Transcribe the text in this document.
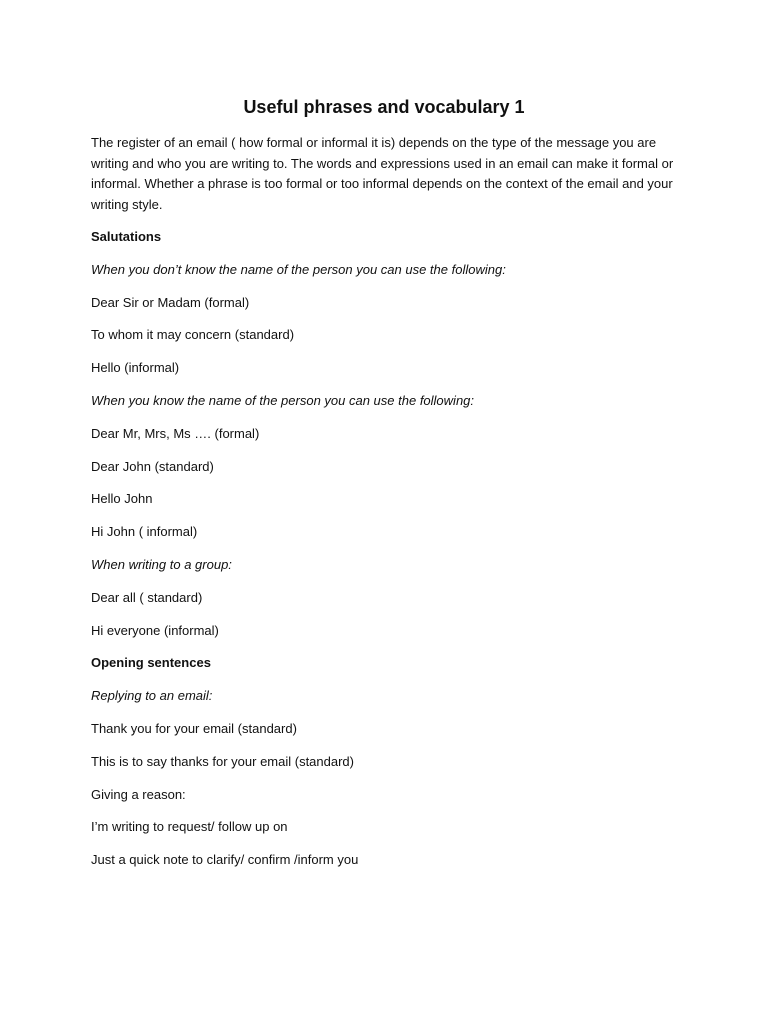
Useful phrases and vocabulary 1

The register of an email ( how formal or informal it is) depends on the type of the message you are writing and who you are writing to. The words and expressions used in an email can make it formal or informal. Whether a phrase is too formal or too informal depends on the context of the email and your writing style.

Salutations

When you don’t know the name of the person you can use the following:

Dear Sir or Madam (formal)

To whom it may concern (standard)

Hello (informal)

When you know the name of the person you can use the following:

Dear Mr, Mrs, Ms …. (formal)

Dear John (standard)

Hello John

Hi John ( informal)

When writing to a group:

Dear all ( standard)

Hi everyone (informal)

Opening sentences

Replying to an email:

Thank you for your email (standard)

This is to say thanks for your email (standard)

Giving a reason:

I’m writing to request/ follow up on

Just a quick note to clarify/ confirm /inform you
